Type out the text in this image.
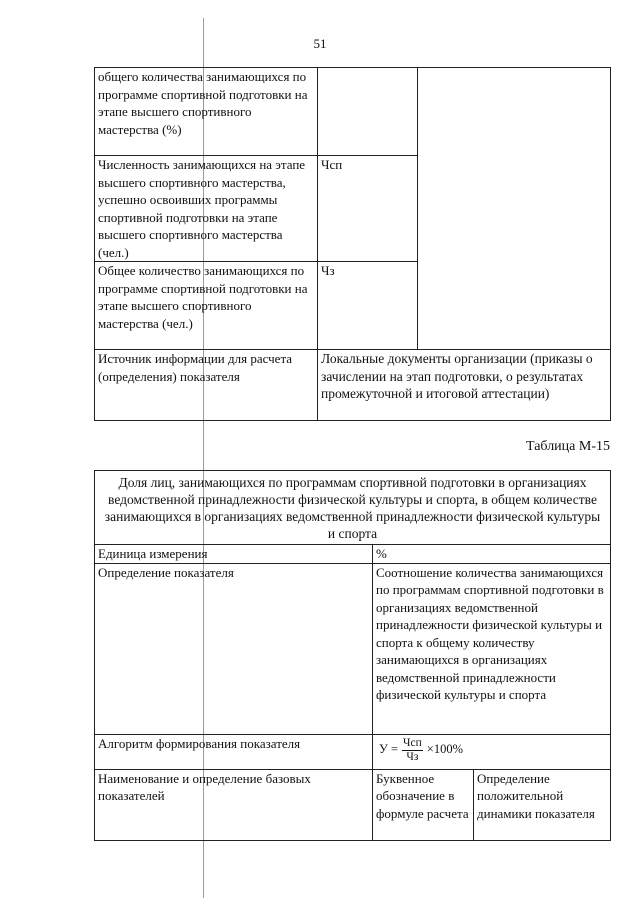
51
общего количества занимающихся по программе спортивной подготовки на этапе высшего спортивного мастерства (%)		
Численность занимающихся на этапе высшего спортивного мастерства, успешно освоивших программы спортивной подготовки на этапе высшего спортивного мастерства (чел.)	Чсп	
Общее количество занимающихся по программе спортивной подготовки на этапе высшего спортивного мастерства (чел.)	Чз	
Источник информации для расчета (определения) показателя	Локальные документы организации (приказы о зачислении на этап подготовки, о результатах промежуточной и итоговой аттестации)	
Таблица М-15
Доля лиц, занимающихся по программам спортивной подготовки в организациях ведомственной принадлежности физической культуры и спорта, в общем количестве занимающихся в организациях ведомственной принадлежности физической культуры и спорта		
Единица измерения	%	
Определение показателя	Соотношение количества занимающихся по программам спортивной подготовки в организациях ведомственной принадлежности физической культуры и спорта к общему количеству занимающихся в организациях ведомственной принадлежности физической культуры и спорта	
Алгоритм формирования показателя	$У = \frac{\text{Чсп}}{Чз} \times 100\%$	

Наименование и определение базовых показателей	Буквенное обозначение в формуле расчета	Определение положительной динамики показателя
